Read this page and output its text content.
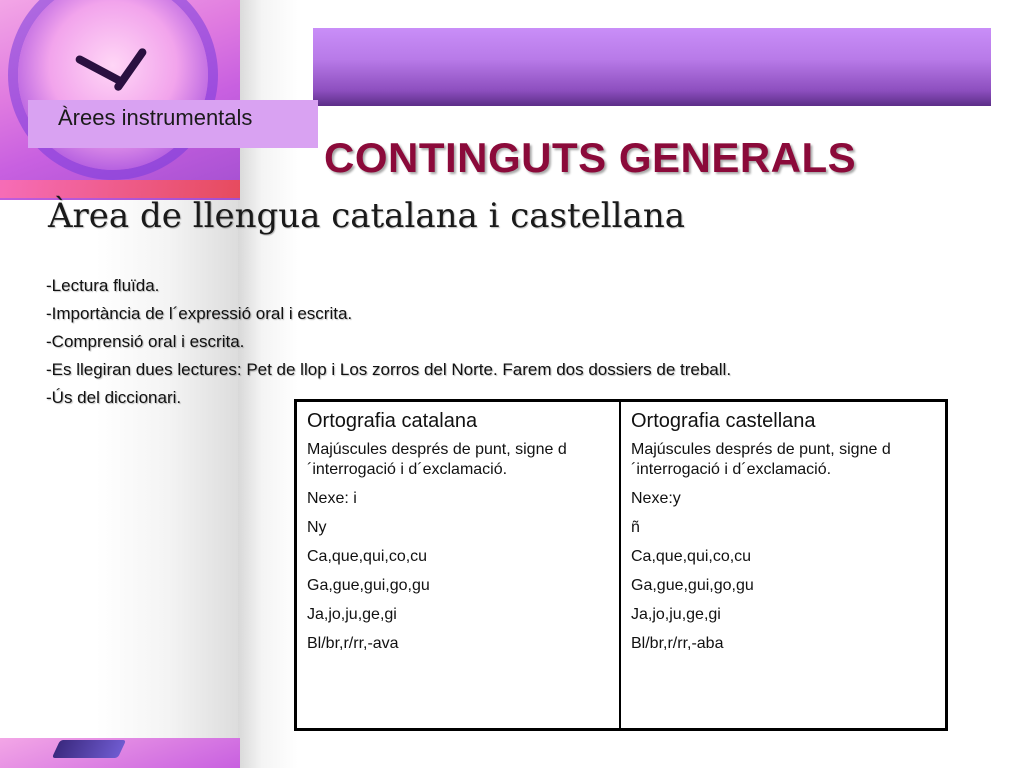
Àrees instrumentals
CONTINGUTS GENERALS
Àrea de llengua catalana i castellana
-Lectura fluïda.
-Importància de l´expressió oral i escrita.
-Comprensió oral i escrita.
-Es llegiran dues lectures: Pet de llop i Los zorros del Norte. Farem dos dossiers de treball.
-Ús del diccionari.
Ortografia catalana
Majúscules després de punt, signe d´interrogació i d´exclamació.
Nexe: i
Ny
Ca,que,qui,co,cu
Ga,gue,gui,go,gu
Ja,jo,ju,ge,gi
Bl/br,r/rr,-ava
Ortografia castellana
Majúscules després de punt, signe d´interrogació i d´exclamació.
Nexe:y
ñ
Ca,que,qui,co,cu
Ga,gue,gui,go,gu
Ja,jo,ju,ge,gi
Bl/br,r/rr,-aba
